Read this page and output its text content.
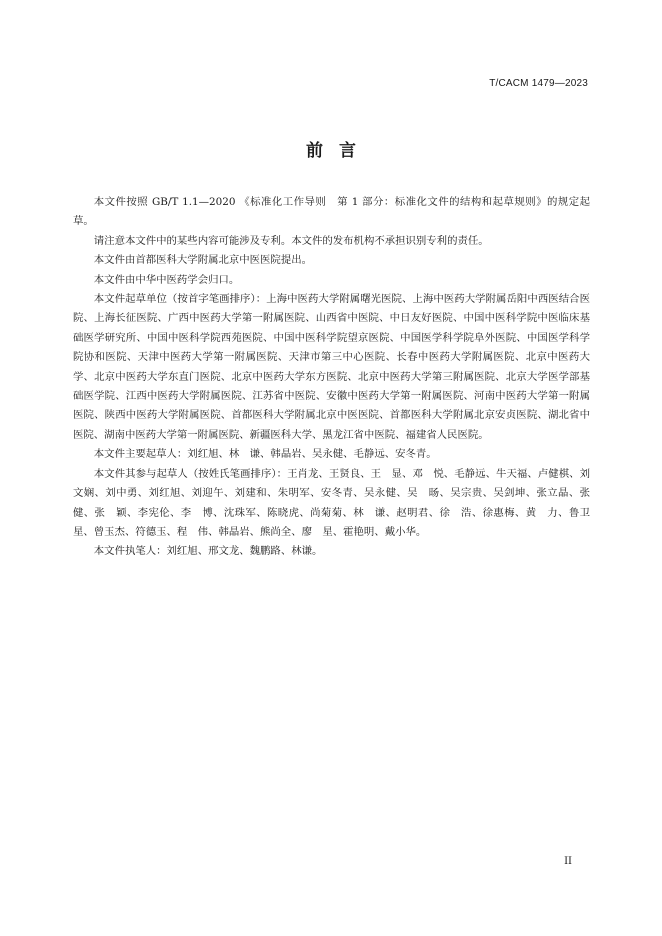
T/CACM 1479—2023
前言

本文件按照 GB/T 1.1—2020 《标准化工作导则　第 1 部分：标准化文件的结构和起草规则》的规定起草。

请注意本文件中的某些内容可能涉及专利。本文件的发布机构不承担识别专利的责任。

本文件由首都医科大学附属北京中医医院提出。

本文件由中华中医药学会归口。

本文件起草单位（按首字笔画排序）：上海中医药大学附属曙光医院、上海中医药大学附属岳阳中西医结合医院、上海长征医院、广西中医药大学第一附属医院、山西省中医院、中日友好医院、中国中医科学院中医临床基础医学研究所、中国中医科学院西苑医院、中国中医科学院望京医院、中国医学科学院阜外医院、中国医学科学院协和医院、天津中医药大学第一附属医院、天津市第三中心医院、长春中医药大学附属医院、北京中医药大学、北京中医药大学东直门医院、北京中医药大学东方医院、北京中医药大学第三附属医院、北京大学医学部基础医学院、江西中医药大学附属医院、江苏省中医院、安徽中医药大学第一附属医院、河南中医药大学第一附属医院、陕西中医药大学附属医院、首都医科大学附属北京中医医院、首都医科大学附属北京安贞医院、湖北省中医院、湖南中医药大学第一附属医院、新疆医科大学、黑龙江省中医院、福建省人民医院。

本文件主要起草人：刘红旭、林　谦、韩晶岩、吴永健、毛静远、安冬青。

本文件其参与起草人（按姓氏笔画排序）：王肖龙、王贤良、王　显、邓　悦、毛静远、牛天福、卢健棋、刘文娴、刘中勇、刘红旭、刘迎午、刘建和、朱明军、安冬青、吴永健、吴　旸、吴宗贵、吴剑坤、张立晶、张　健、张　颖、李宪伦、李　博、沈珠军、陈晓虎、尚菊菊、林　谦、赵明君、徐　浩、徐惠梅、黄　力、鲁卫星、曾玉杰、符德玉、程　伟、韩晶岩、熊尚全、廖　星、霍艳明、戴小华。

本文件执笔人：刘红旭、邢文龙、魏鹏路、林谦。

II
